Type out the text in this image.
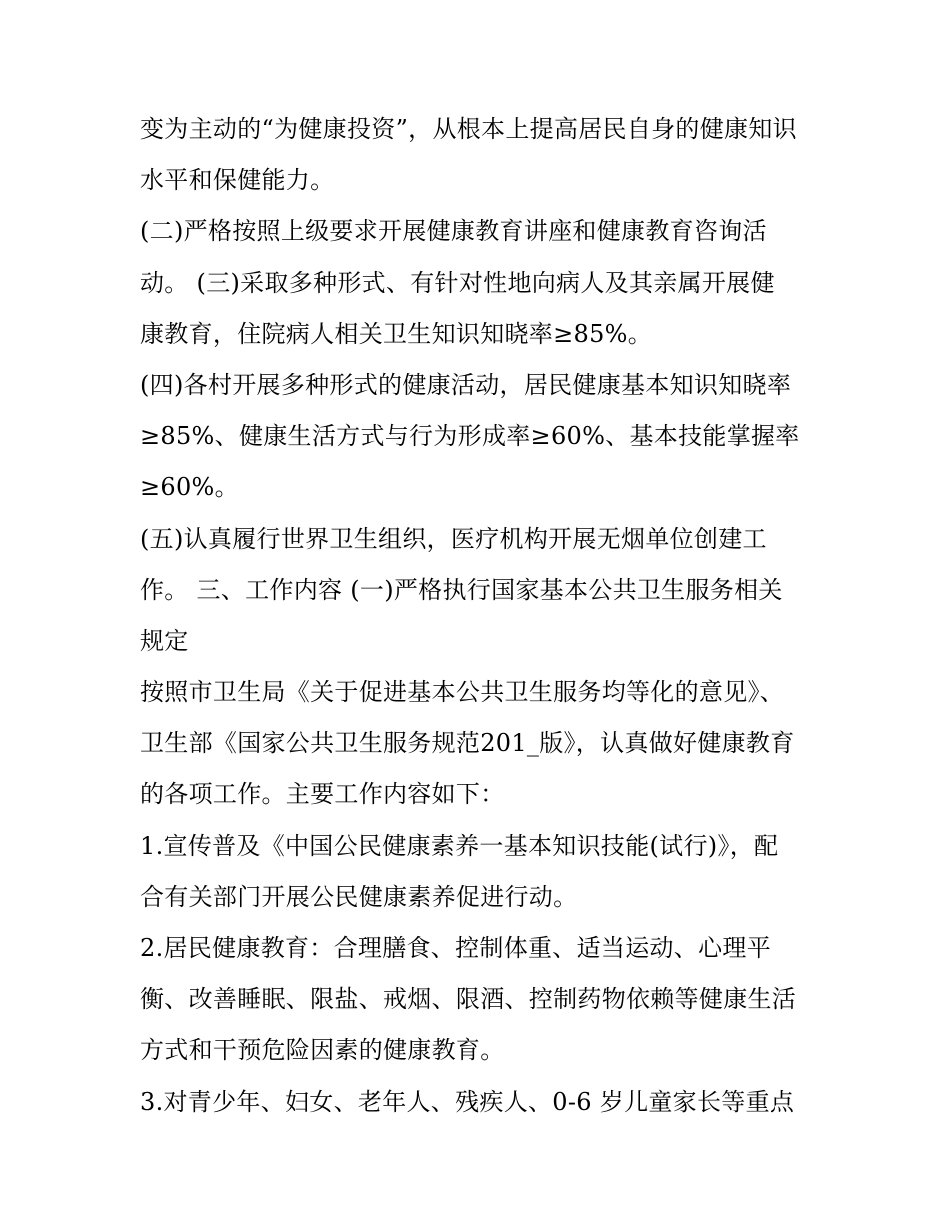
变为主动的“为健康投资”，从根本上提高居民自身的健康知识
水平和保健能力。
(二)严格按照上级要求开展健康教育讲座和健康教育咨询活
动。 (三)采取多种形式、有针对性地向病人及其亲属开展健
康教育，住院病人相关卫生知识知晓率≥85%。
(四)各村开展多种形式的健康活动，居民健康基本知识知晓率
≥85%、健康生活方式与行为形成率≥60%、基本技能掌握率
≥60%。
(五)认真履行世界卫生组织，医疗机构开展无烟单位创建工
作。 三、工作内容 (一)严格执行国家基本公共卫生服务相关
规定
按照市卫生局《关于促进基本公共卫生服务均等化的意见》、
卫生部《国家公共卫生服务规范201_版》，认真做好健康教育
的各项工作。主要工作内容如下：
1.宣传普及《中国公民健康素养一基本知识技能(试行)》，配
合有关部门开展公民健康素养促进行动。
2.居民健康教育：合理膳食、控制体重、适当运动、心理平
衡、改善睡眠、限盐、戒烟、限酒、控制药物依赖等健康生活
方式和干预危险因素的健康教育。
3.对青少年、妇女、老年人、残疾人、0-6 岁儿童家长等重点
